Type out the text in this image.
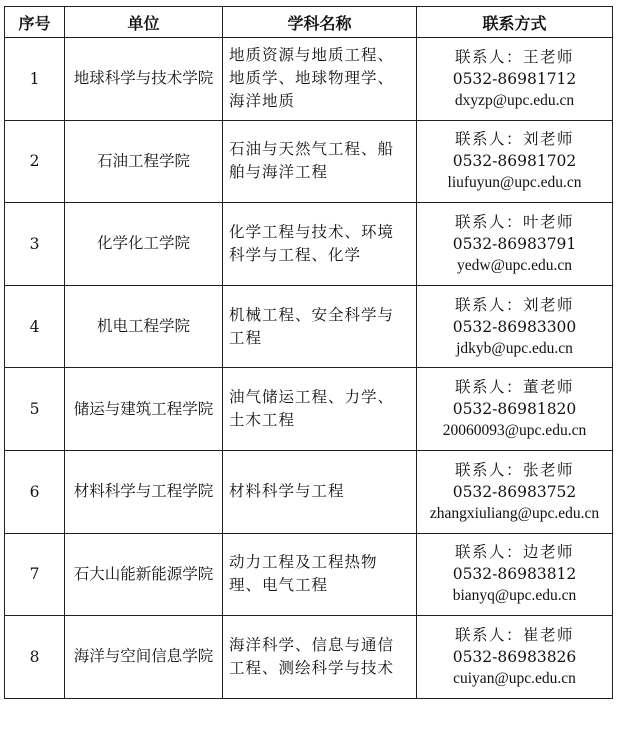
序号	单位	学科名称	联系方式
1	地球科学与技术学院	地质资源与地质工程、地质学、地球物理学、海洋地质	联系人：王老师
0532-86981712
dxyzp@upc.edu.cn

2	石油工程学院	石油与天然气工程、船舶与海洋工程	联系人：刘老师
0532-86981702
liufuyun@upc.edu.cn

3	化学化工学院	化学工程与技术、环境科学与工程、化学	联系人：叶老师
0532-86983791
yedw@upc.edu.cn

4	机电工程学院	机械工程、安全科学与工程	联系人：刘老师
0532-86983300
jdkyb@upc.edu.cn

5	储运与建筑工程学院	油气储运工程、力学、土木工程	联系人：董老师
0532-86981820
20060093@upc.edu.cn

6	材料科学与工程学院	材料科学与工程	联系人：张老师
0532-86983752
zhangxiuliang@upc.edu.cn

7	石大山能新能源学院	动力工程及工程热物理、电气工程	联系人：边老师
0532-86983812
bianyq@upc.edu.cn

8	海洋与空间信息学院	海洋科学、信息与通信工程、测绘科学与技术	联系人：崔老师
0532-86983826
cuiyan@upc.edu.cn
